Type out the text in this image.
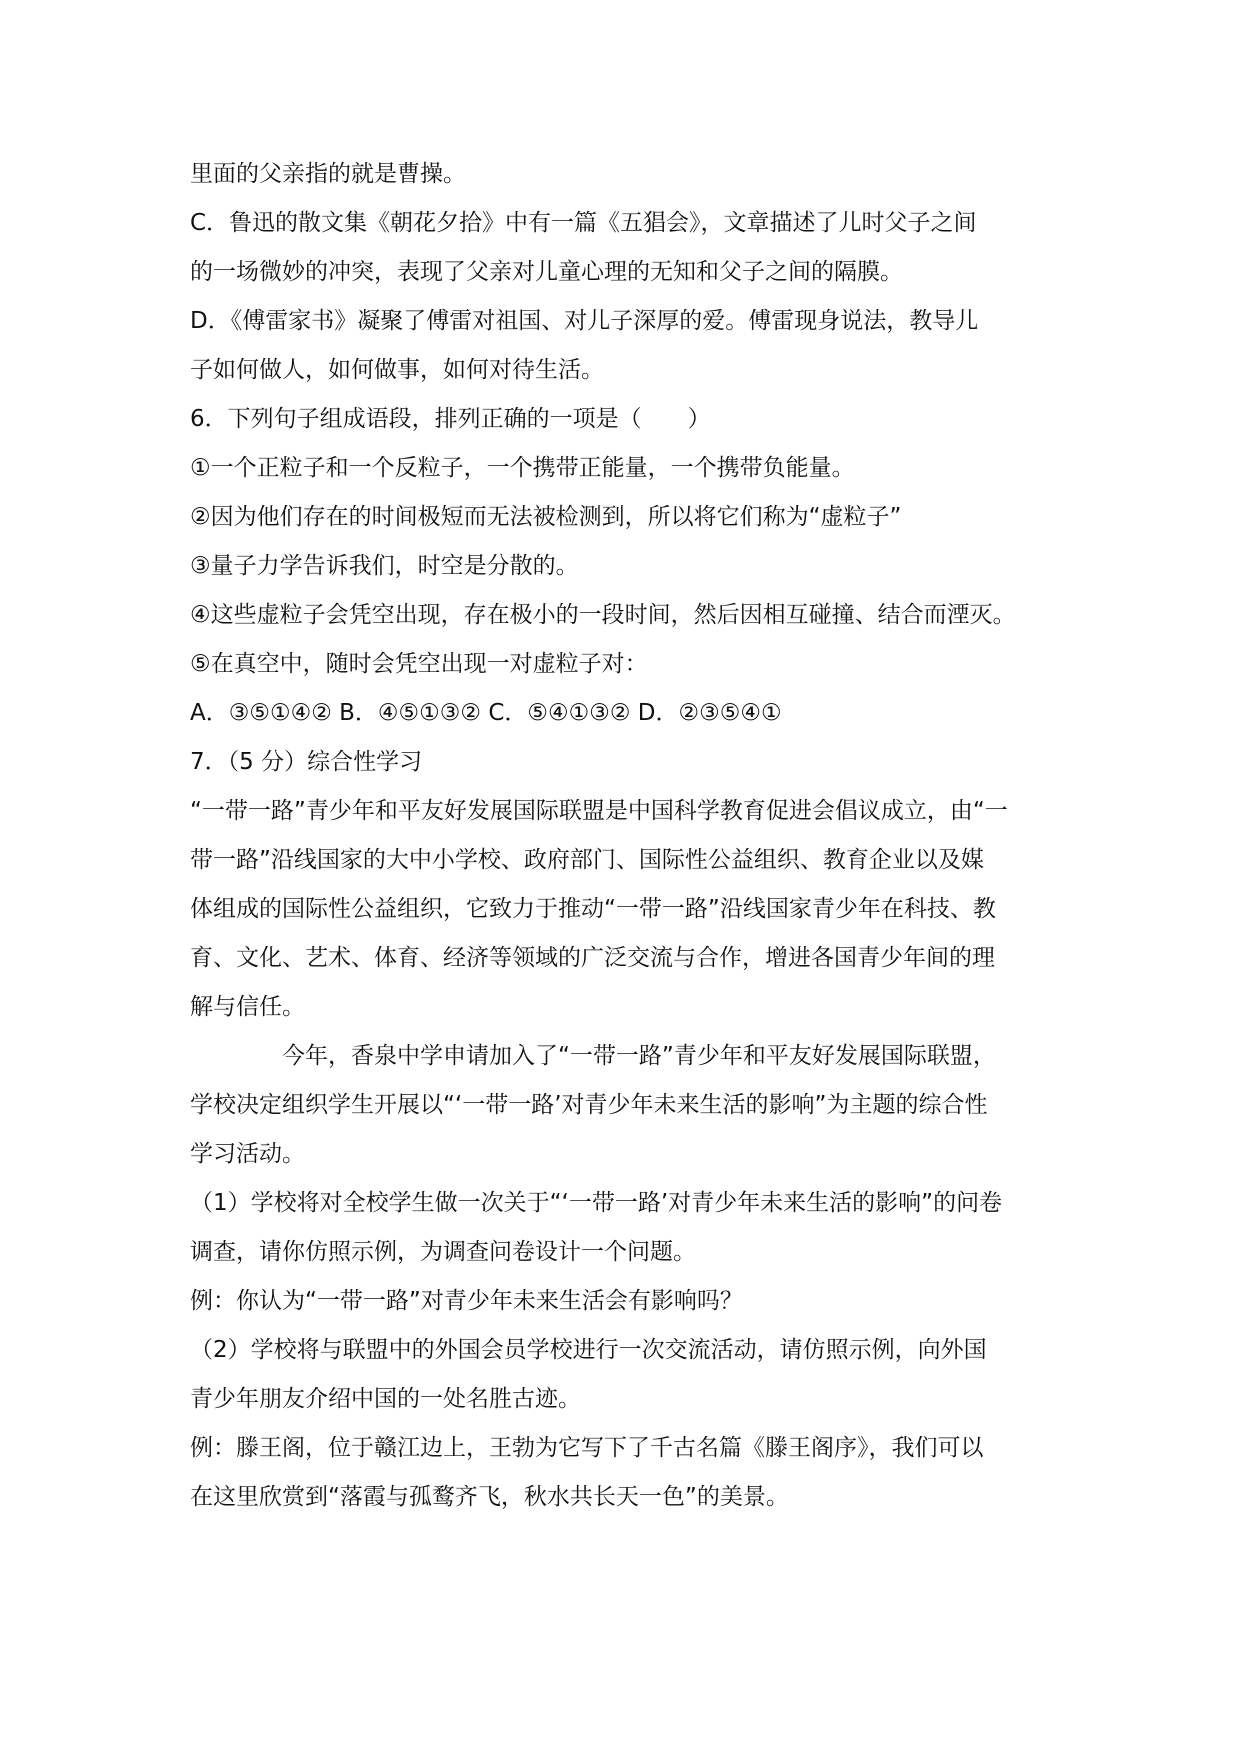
里面的父亲指的就是曹操。

C．鲁迅的散文集《朝花夕拾》中有一篇《五猖会》，文章描述了儿时父子之间

的一场微妙的冲突，表现了父亲对儿童心理的无知和父子之间的隔膜。

D．《傅雷家书》凝聚了傅雷对祖国、对儿子深厚的爱。傅雷现身说法，教导儿

子如何做人，如何做事，如何对待生活。

6．下列句子组成语段，排列正确的一项是（　　）

①一个正粒子和一个反粒子，一个携带正能量，一个携带负能量。

②因为他们存在的时间极短而无法被检测到，所以将它们称为“虚粒子”

③量子力学告诉我们，时空是分散的。

④这些虚粒子会凭空出现，存在极小的一段时间，然后因相互碰撞、结合而湮灭。

⑤在真空中，随时会凭空出现一对虚粒子对：

A．③⑤①④② B．④⑤①③② C．⑤④①③② D．②③⑤④①

7．（5 分）综合性学习

“一带一路”青少年和平友好发展国际联盟是中国科学教育促进会倡议成立，由“一

带一路”沿线国家的大中小学校、政府部门、国际性公益组织、教育企业以及媒

体组成的国际性公益组织，它致力于推动“一带一路”沿线国家青少年在科技、教

育、文化、艺术、体育、经济等领域的广泛交流与合作，增进各国青少年间的理

解与信任。

今年，香泉中学申请加入了“一带一路”青少年和平友好发展国际联盟，

学校决定组织学生开展以“‘一带一路’对青少年未来生活的影响”为主题的综合性

学习活动。

（1）学校将对全校学生做一次关于“‘一带一路’对青少年未来生活的影响”的问卷

调查，请你仿照示例，为调查问卷设计一个问题。

例：你认为“一带一路”对青少年未来生活会有影响吗？

（2）学校将与联盟中的外国会员学校进行一次交流活动，请仿照示例，向外国

青少年朋友介绍中国的一处名胜古迹。

例：滕王阁，位于赣江边上，王勃为它写下了千古名篇《滕王阁序》，我们可以

在这里欣赏到“落霞与孤鹜齐飞，秋水共长天一色”的美景。
